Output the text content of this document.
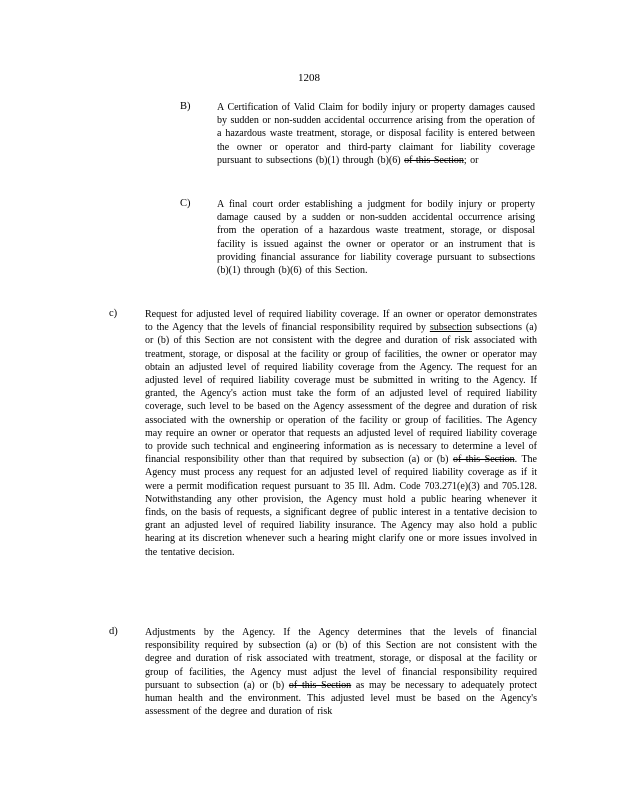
1208
B)	A Certification of Valid Claim for bodily injury or property damages caused by sudden or non-sudden accidental occurrence arising from the operation of a hazardous waste treatment, storage, or disposal facility is entered between the owner or operator and third-party claimant for liability coverage pursuant to subsections (b)(1) through (b)(6) of this Section; or
C)	A final court order establishing a judgment for bodily injury or property damage caused by a sudden or non-sudden accidental occurrence arising from the operation of a hazardous waste treatment, storage, or disposal facility is issued against the owner or operator or an instrument that is providing financial assurance for liability coverage pursuant to subsections (b)(1) through (b)(6) of this Section.
c)	Request for adjusted level of required liability coverage. If an owner or operator demonstrates to the Agency that the levels of financial responsibility required by subsection subsections (a) or (b) of this Section are not consistent with the degree and duration of risk associated with treatment, storage, or disposal at the facility or group of facilities, the owner or operator may obtain an adjusted level of required liability coverage from the Agency. The request for an adjusted level of required liability coverage must be submitted in writing to the Agency. If granted, the Agency's action must take the form of an adjusted level of required liability coverage, such level to be based on the Agency assessment of the degree and duration of risk associated with the ownership or operation of the facility or group of facilities. The Agency may require an owner or operator that requests an adjusted level of required liability coverage to provide such technical and engineering information as is necessary to determine a level of financial responsibility other than that required by subsection (a) or (b) of this Section. The Agency must process any request for an adjusted level of required liability coverage as if it were a permit modification request pursuant to 35 Ill. Adm. Code 703.271(e)(3) and 705.128. Notwithstanding any other provision, the Agency must hold a public hearing whenever it finds, on the basis of requests, a significant degree of public interest in a tentative decision to grant an adjusted level of required liability insurance. The Agency may also hold a public hearing at its discretion whenever such a hearing might clarify one or more issues involved in the tentative decision.
d)	Adjustments by the Agency. If the Agency determines that the levels of financial responsibility required by subsection (a) or (b) of this Section are not consistent with the degree and duration of risk associated with treatment, storage, or disposal at the facility or group of facilities, the Agency must adjust the level of financial responsibility required pursuant to subsection (a) or (b) of this Section as may be necessary to adequately protect human health and the environment. This adjusted level must be based on the Agency's assessment of the degree and duration of risk
